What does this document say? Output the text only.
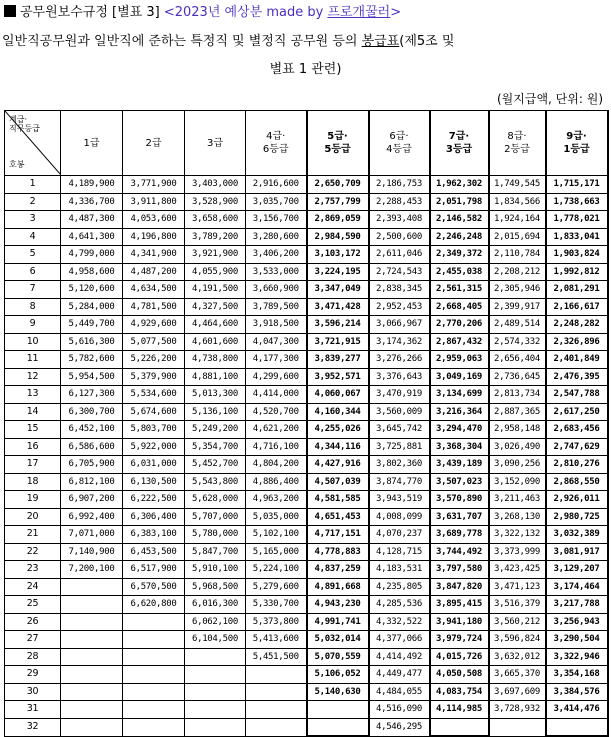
공무원보수규정 [별표 3] <2023년 예상분 made by 프로개꿀러>
일반직공무원과 일반직에 준하는 특정직 및 별정직 공무원 등의 봉급표(제5조 및
별표 1 관련)
(월지급액, 단위: 원)
계급·
직무등급
호봉	1급	2급	3급	4급·
6등급	5급·
5등급	6급·
4등급	7급·
3등급	8급·
2등급	9급·
1등급
1	4,189,900	3,771,900	3,403,000	2,916,600	2,650,709	2,186,753	1,962,302	1,749,545	1,715,171
2	4,336,700	3,911,800	3,528,900	3,035,700	2,757,799	2,288,453	2,051,798	1,834,566	1,738,663
3	4,487,300	4,053,600	3,658,600	3,156,700	2,869,059	2,393,408	2,146,582	1,924,164	1,778,021
4	4,641,300	4,196,800	3,789,200	3,280,600	2,984,590	2,500,600	2,246,248	2,015,694	1,833,041
5	4,799,000	4,341,900	3,921,900	3,406,200	3,103,172	2,611,046	2,349,372	2,110,784	1,903,824
6	4,958,600	4,487,200	4,055,900	3,533,000	3,224,195	2,724,543	2,455,038	2,208,212	1,992,812
7	5,120,600	4,634,500	4,191,500	3,660,900	3,347,049	2,838,345	2,561,315	2,305,946	2,081,291
8	5,284,000	4,781,500	4,327,500	3,789,500	3,471,428	2,952,453	2,668,405	2,399,917	2,166,617
9	5,449,700	4,929,600	4,464,600	3,918,500	3,596,214	3,066,967	2,770,206	2,489,514	2,248,282
10	5,616,300	5,077,500	4,601,600	4,047,300	3,721,915	3,174,362	2,867,432	2,574,332	2,326,896
11	5,782,600	5,226,200	4,738,800	4,177,300	3,839,277	3,276,266	2,959,063	2,656,404	2,401,849
12	5,954,500	5,379,900	4,881,100	4,299,600	3,952,571	3,376,643	3,049,169	2,736,645	2,476,395
13	6,127,300	5,534,600	5,013,300	4,414,000	4,060,067	3,470,919	3,134,699	2,813,734	2,547,788
14	6,300,700	5,674,600	5,136,100	4,520,700	4,160,344	3,560,009	3,216,364	2,887,365	2,617,250
15	6,452,100	5,803,700	5,249,200	4,621,200	4,255,026	3,645,742	3,294,470	2,958,148	2,683,456
16	6,586,600	5,922,000	5,354,700	4,716,100	4,344,116	3,725,881	3,368,304	3,026,490	2,747,629
17	6,705,900	6,031,000	5,452,700	4,804,200	4,427,916	3,802,360	3,439,189	3,090,256	2,810,276
18	6,812,100	6,130,500	5,543,800	4,886,400	4,507,039	3,874,770	3,507,023	3,152,090	2,868,550
19	6,907,200	6,222,500	5,628,000	4,963,200	4,581,585	3,943,519	3,570,890	3,211,463	2,926,011
20	6,992,400	6,306,400	5,707,000	5,035,000	4,651,453	4,008,099	3,631,707	3,268,130	2,980,725
21	7,071,000	6,383,100	5,780,000	5,102,100	4,717,151	4,070,237	3,689,778	3,322,132	3,032,389
22	7,140,900	6,453,500	5,847,700	5,165,000	4,778,883	4,128,715	3,744,492	3,373,999	3,081,917
23	7,200,100	6,517,900	5,910,100	5,224,100	4,837,259	4,183,531	3,797,580	3,423,425	3,129,207
24		6,570,500	5,968,500	5,279,600	4,891,668	4,235,805	3,847,820	3,471,123	3,174,464
25		6,620,800	6,016,300	5,330,700	4,943,230	4,285,536	3,895,415	3,516,379	3,217,788
26			6,062,100	5,373,800	4,991,741	4,332,522	3,941,180	3,560,212	3,256,943
27			6,104,500	5,413,600	5,032,014	4,377,066	3,979,724	3,596,824	3,290,504
28				5,451,500	5,070,559	4,414,492	4,015,726	3,632,012	3,322,946
29					5,106,052	4,449,477	4,050,508	3,665,370	3,354,168
30					5,140,630	4,484,055	4,083,754	3,697,609	3,384,576
31						4,516,090	4,114,985	3,728,932	3,414,476
32						4,546,295			
